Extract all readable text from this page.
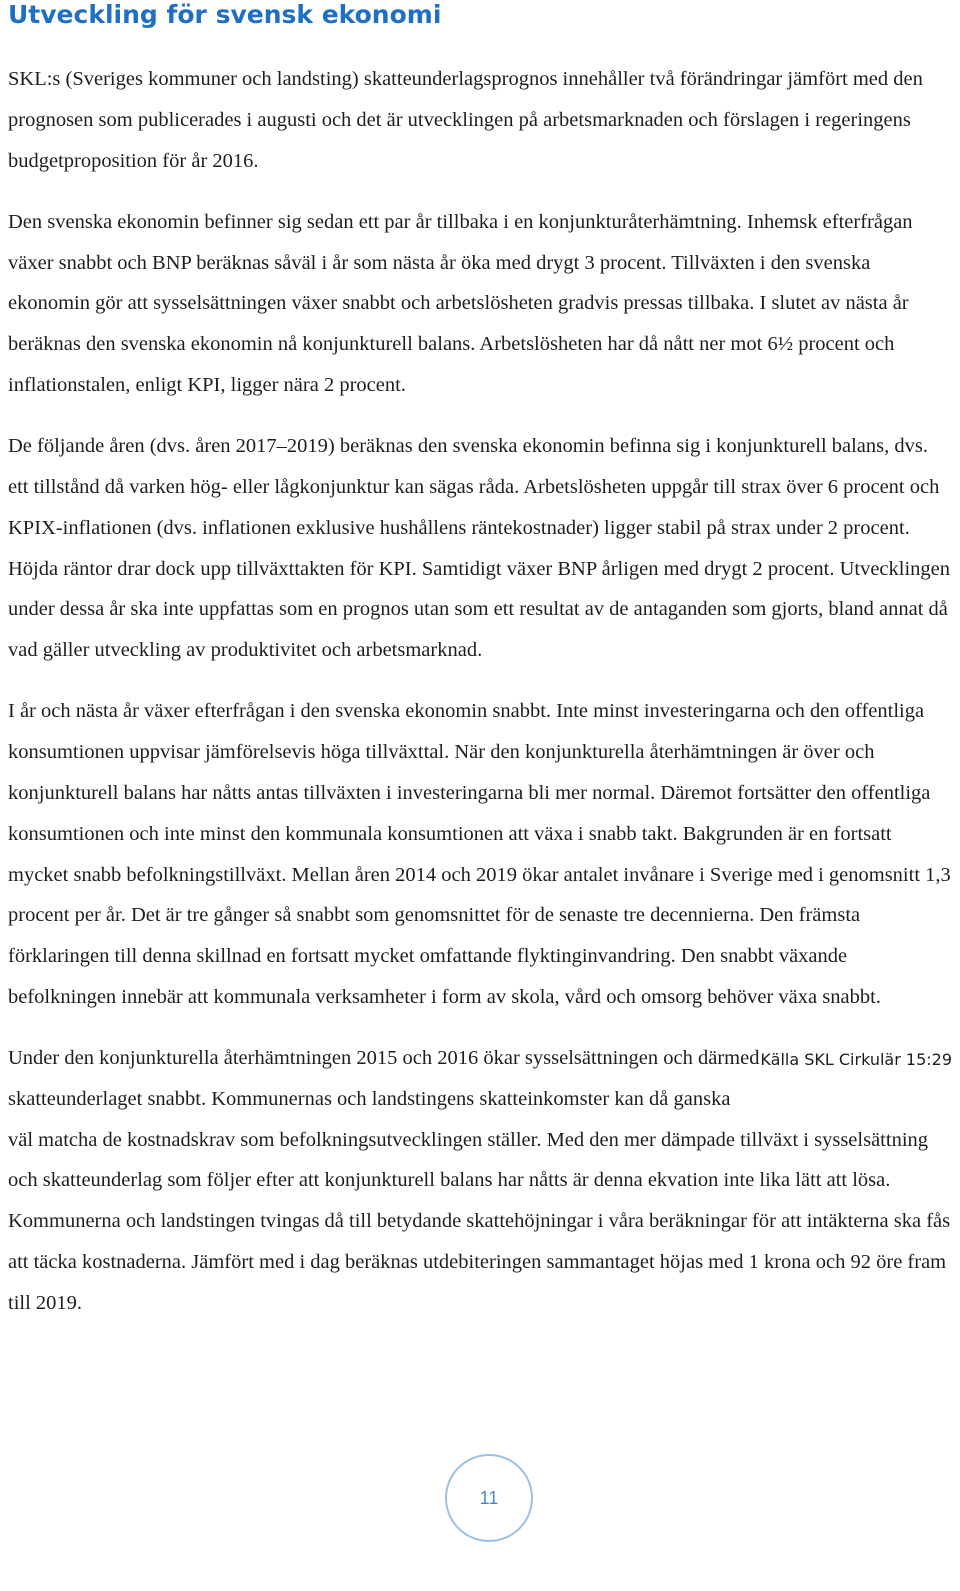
Utveckling för svensk ekonomi

SKL:s (Sveriges kommuner och landsting) skatteunderlagsprognos innehåller två förändringar jämfört med den prognosen som publicerades i augusti och det är utvecklingen på arbetsmarknaden och förslagen i regeringens budgetproposition för år 2016.

Den svenska ekonomin befinner sig sedan ett par år tillbaka i en konjunkturåterhämtning. Inhemsk efterfrågan växer snabbt och BNP beräknas såväl i år som nästa år öka med drygt 3 procent. Tillväxten i den svenska ekonomin gör att sysselsättningen växer snabbt och arbetslösheten gradvis pressas tillbaka. I slutet av nästa år beräknas den svenska ekonomin nå konjunkturell balans. Arbetslösheten har då nått ner mot 6½ procent och inflationstalen, enligt KPI, ligger nära 2 procent.

De följande åren (dvs. åren 2017–2019) beräknas den svenska ekonomin befinna sig i konjunkturell balans, dvs. ett tillstånd då varken hög- eller lågkonjunktur kan sägas råda. Arbetslösheten uppgår till strax över 6 procent och KPIX-inflationen (dvs. inflationen exklusive hushållens räntekostnader) ligger stabil på strax under 2 procent. Höjda räntor drar dock upp tillväxttakten för KPI. Samtidigt växer BNP årligen med drygt 2 procent. Utvecklingen under dessa år ska inte uppfattas som en prognos utan som ett resultat av de antaganden som gjorts, bland annat då vad gäller utveckling av produktivitet och arbetsmarknad.

I år och nästa år växer efterfrågan i den svenska ekonomin snabbt. Inte minst investeringarna och den offentliga konsumtionen uppvisar jämförelsevis höga tillväxttal. När den konjunkturella återhämtningen är över och konjunkturell balans har nåtts antas tillväxten i investeringarna bli mer normal. Däremot fortsätter den offentliga konsumtionen och inte minst den kommunala konsumtionen att växa i snabb takt. Bakgrunden är en fortsatt mycket snabb befolkningstillväxt. Mellan åren 2014 och 2019 ökar antalet invånare i Sverige med i genomsnitt 1,3 procent per år. Det är tre gånger så snabbt som genomsnittet för de senaste tre decennierna. Den främsta förklaringen till denna skillnad en fortsatt mycket omfattande flyktinginvandring. Den snabbt växande befolkningen innebär att kommunala verksamheter i form av skola, vård och omsorg behöver växa snabbt.

Källa SKL Cirkulär 15:29
Under den konjunkturella återhämtningen 2015 och 2016 ökar sysselsättningen och därmed skatteunderlaget snabbt. Kommunernas och landstingens skatteinkomster kan då ganska väl matcha de kostnadskrav som befolkningsutvecklingen ställer. Med den mer dämpade tillväxt i sysselsättning och skatteunderlag som följer efter att konjunkturell balans har nåtts är denna ekvation inte lika lätt att lösa. Kommunerna och landstingen tvingas då till betydande skattehöjningar i våra beräkningar för att intäkterna ska fås att täcka kostnaderna. Jämfört med i dag beräknas utdebiteringen sammantaget höjas med 1 krona och 92 öre fram till 2019.

11
